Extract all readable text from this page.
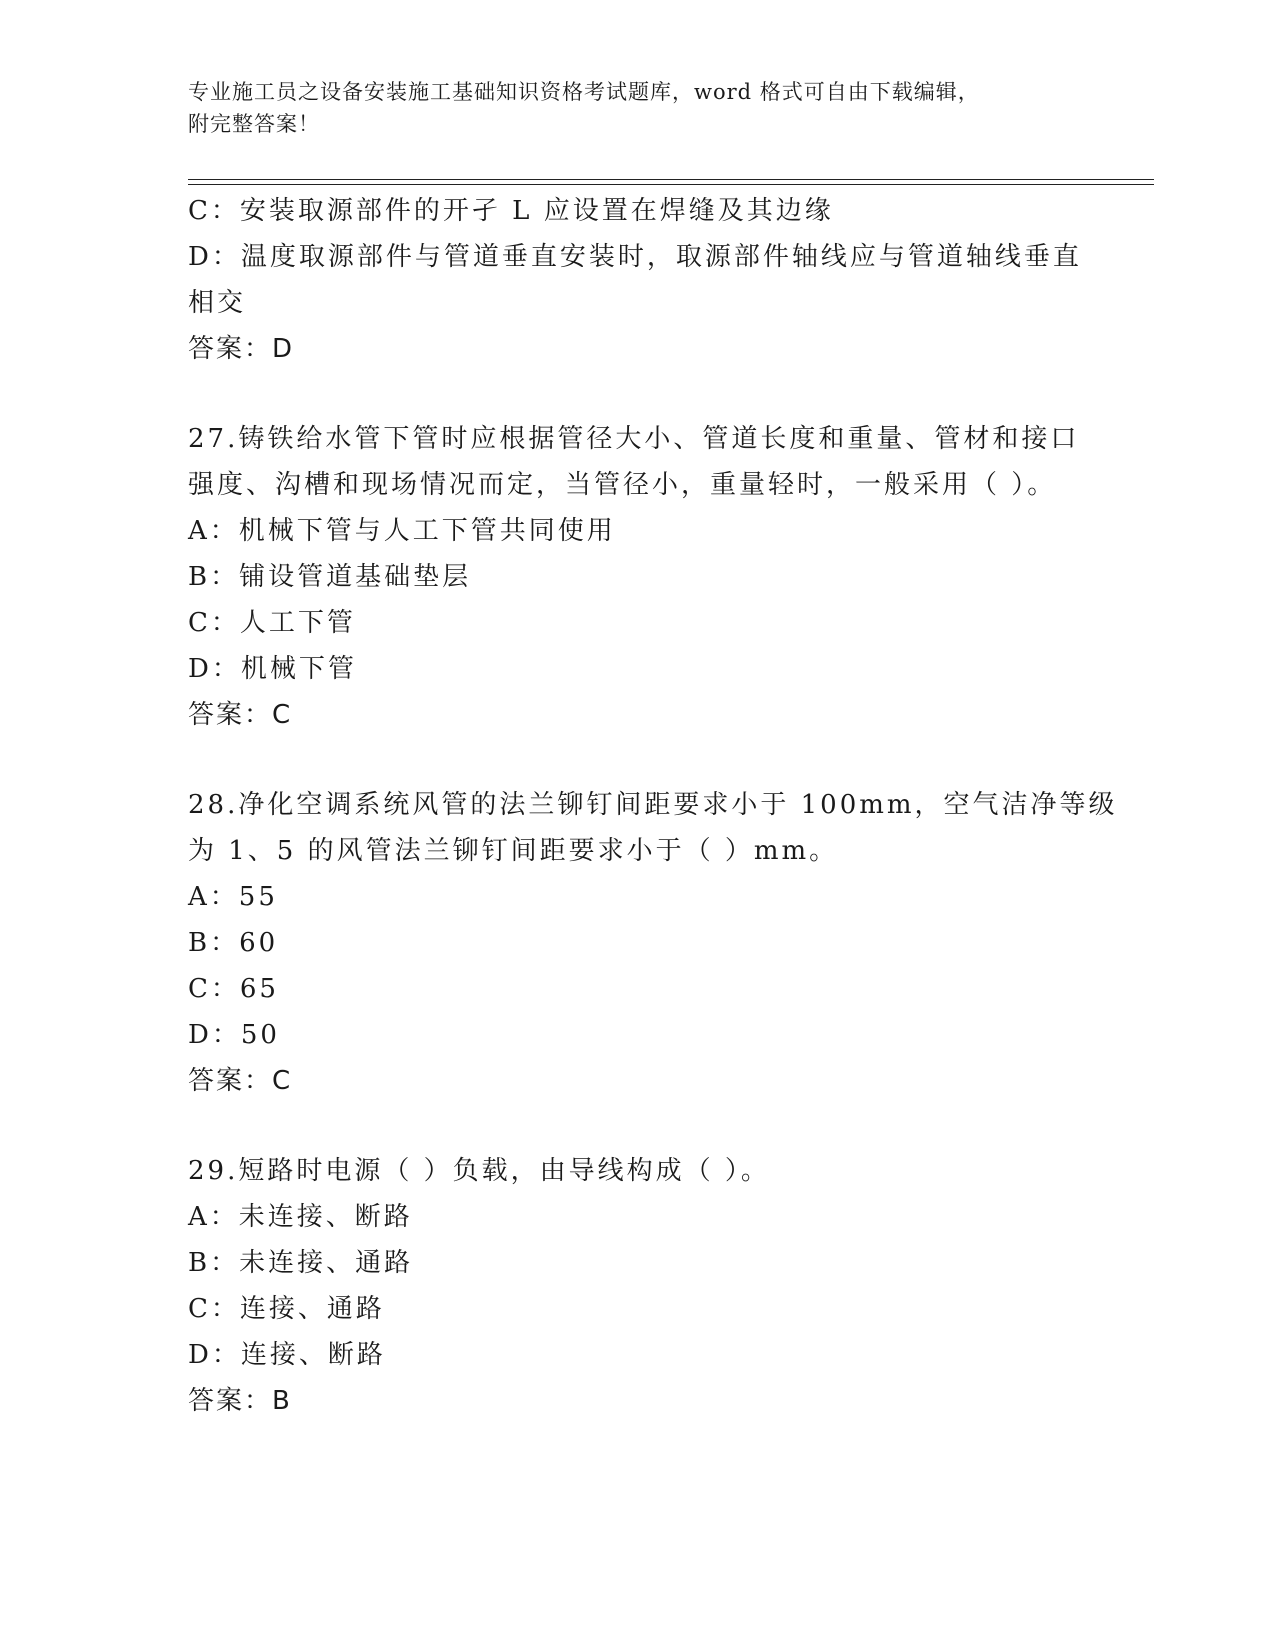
专业施工员之设备安装施工基础知识资格考试题库，word 格式可自由下载编辑，
附完整答案！
C：安装取源部件的开孑 L 应设置在焊缝及其边缘
D：温度取源部件与管道垂直安装时，取源部件轴线应与管道轴线垂直
相交
答案：D
27.铸铁给水管下管时应根据管径大小、管道长度和重量、管材和接口
强度、沟槽和现场情况而定，当管径小，重量轻时，一般采用（ ）。
A：机械下管与人工下管共同使用
B：铺设管道基础垫层
C：人工下管
D：机械下管
答案：C
28.净化空调系统风管的法兰铆钉间距要求小于 100mm，空气洁净等级
为 1、5 的风管法兰铆钉间距要求小于（ ）mm。
A：55
B：60
C：65
D：50
答案：C
29.短路时电源（ ）负载，由导线构成（ ）。
A：未连接、断路
B：未连接、通路
C：连接、通路
D：连接、断路
答案：B
